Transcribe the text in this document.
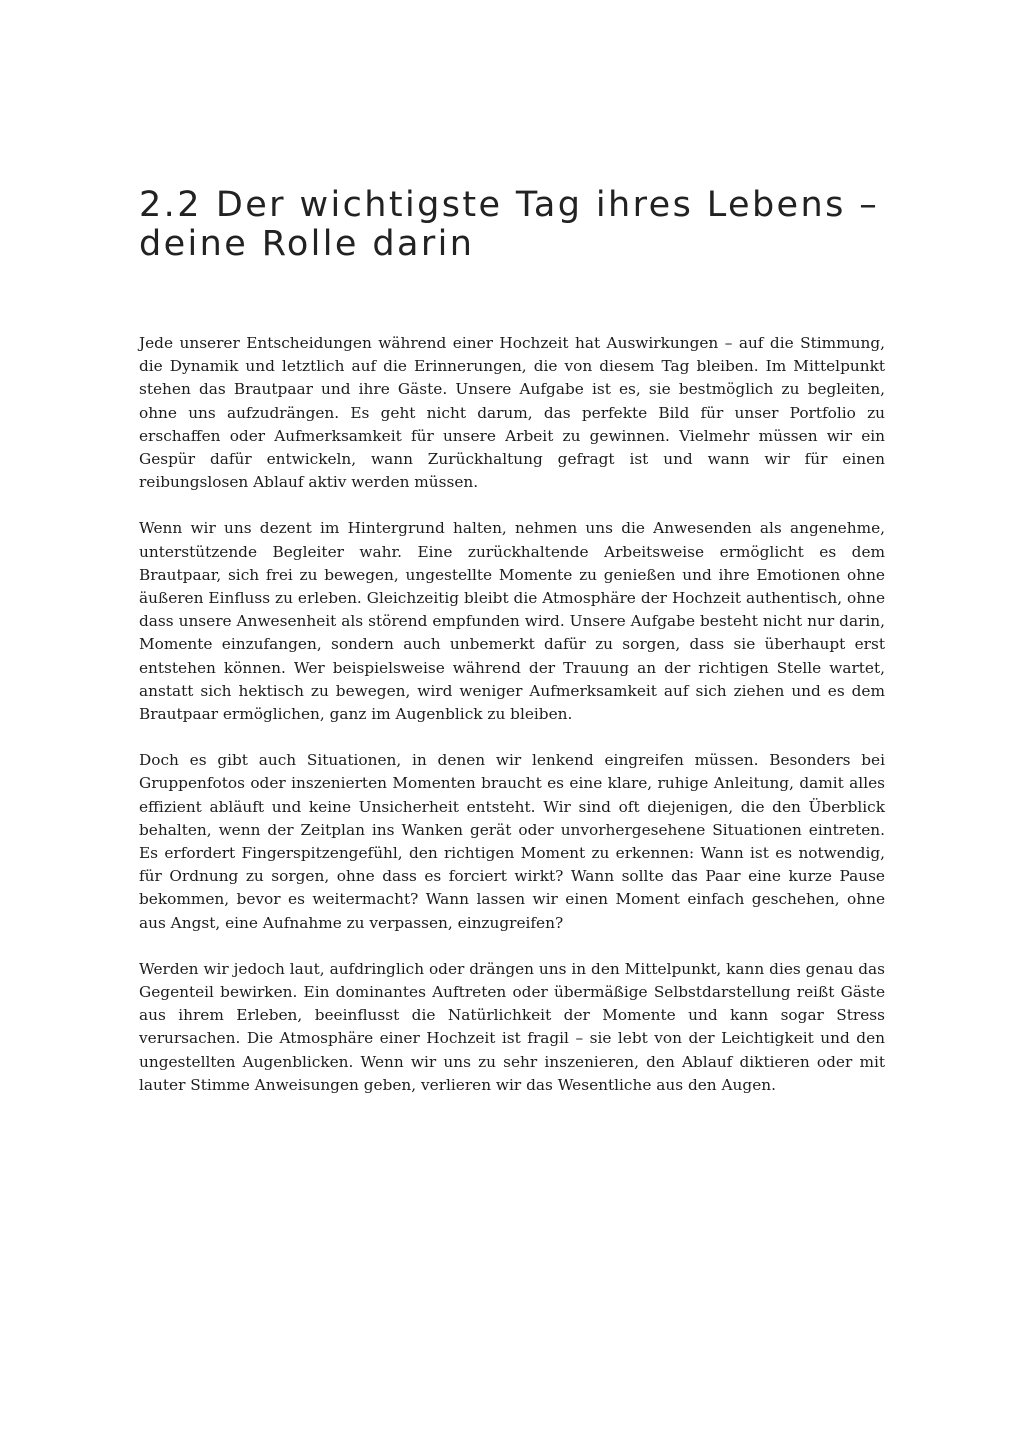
2.2 Der wichtigste Tag ihres Lebens – deine Rolle darin

Jede unserer Entscheidungen während einer Hochzeit hat Auswirkungen – auf die Stimmung, die Dynamik und letztlich auf die Erinnerungen, die von diesem Tag bleiben. Im Mittelpunkt stehen das Brautpaar und ihre Gäste. Unsere Aufgabe ist es, sie bestmöglich zu begleiten, ohne uns aufzudrängen. Es geht nicht darum, das perfekte Bild für unser Portfolio zu erschaffen oder Aufmerksamkeit für unsere Arbeit zu gewinnen. Vielmehr müssen wir ein Gespür dafür entwickeln, wann Zurückhaltung gefragt ist und wann wir für einen reibungslosen Ablauf aktiv werden müssen.

Wenn wir uns dezent im Hintergrund halten, nehmen uns die Anwesenden als angenehme, unterstützende Begleiter wahr. Eine zurückhaltende Arbeitsweise ermöglicht es dem Brautpaar, sich frei zu bewegen, ungestellte Momente zu genießen und ihre Emotionen ohne äußeren Einfluss zu erleben. Gleichzeitig bleibt die Atmosphäre der Hochzeit authentisch, ohne dass unsere Anwesenheit als störend empfunden wird. Unsere Aufgabe besteht nicht nur darin, Momente einzufangen, sondern auch unbemerkt dafür zu sorgen, dass sie überhaupt erst entstehen können. Wer beispielsweise während der Trauung an der richtigen Stelle wartet, anstatt sich hektisch zu bewegen, wird weniger Aufmerksamkeit auf sich ziehen und es dem Brautpaar ermöglichen, ganz im Augenblick zu bleiben.

Doch es gibt auch Situationen, in denen wir lenkend eingreifen müssen. Besonders bei Gruppenfotos oder inszenierten Momenten braucht es eine klare, ruhige Anleitung, damit alles effizient abläuft und keine Unsicherheit entsteht. Wir sind oft diejenigen, die den Überblick behalten, wenn der Zeitplan ins Wanken gerät oder unvorhergesehene Situationen eintreten. Es erfordert Fingerspitzengefühl, den richtigen Moment zu erkennen: Wann ist es notwendig, für Ordnung zu sorgen, ohne dass es forciert wirkt? Wann sollte das Paar eine kurze Pause bekommen, bevor es weitermacht? Wann lassen wir einen Moment einfach geschehen, ohne aus Angst, eine Aufnahme zu verpassen, einzugreifen?

Werden wir jedoch laut, aufdringlich oder drängen uns in den Mittelpunkt, kann dies genau das Gegenteil bewirken. Ein dominantes Auftreten oder übermäßige Selbstdarstellung reißt Gäste aus ihrem Erleben, beeinflusst die Natürlichkeit der Momente und kann sogar Stress verursachen. Die Atmosphäre einer Hochzeit ist fragil – sie lebt von der Leichtigkeit und den ungestellten Augenblicken. Wenn wir uns zu sehr inszenieren, den Ablauf diktieren oder mit lauter Stimme Anweisungen geben, verlieren wir das Wesentliche aus den Augen.
